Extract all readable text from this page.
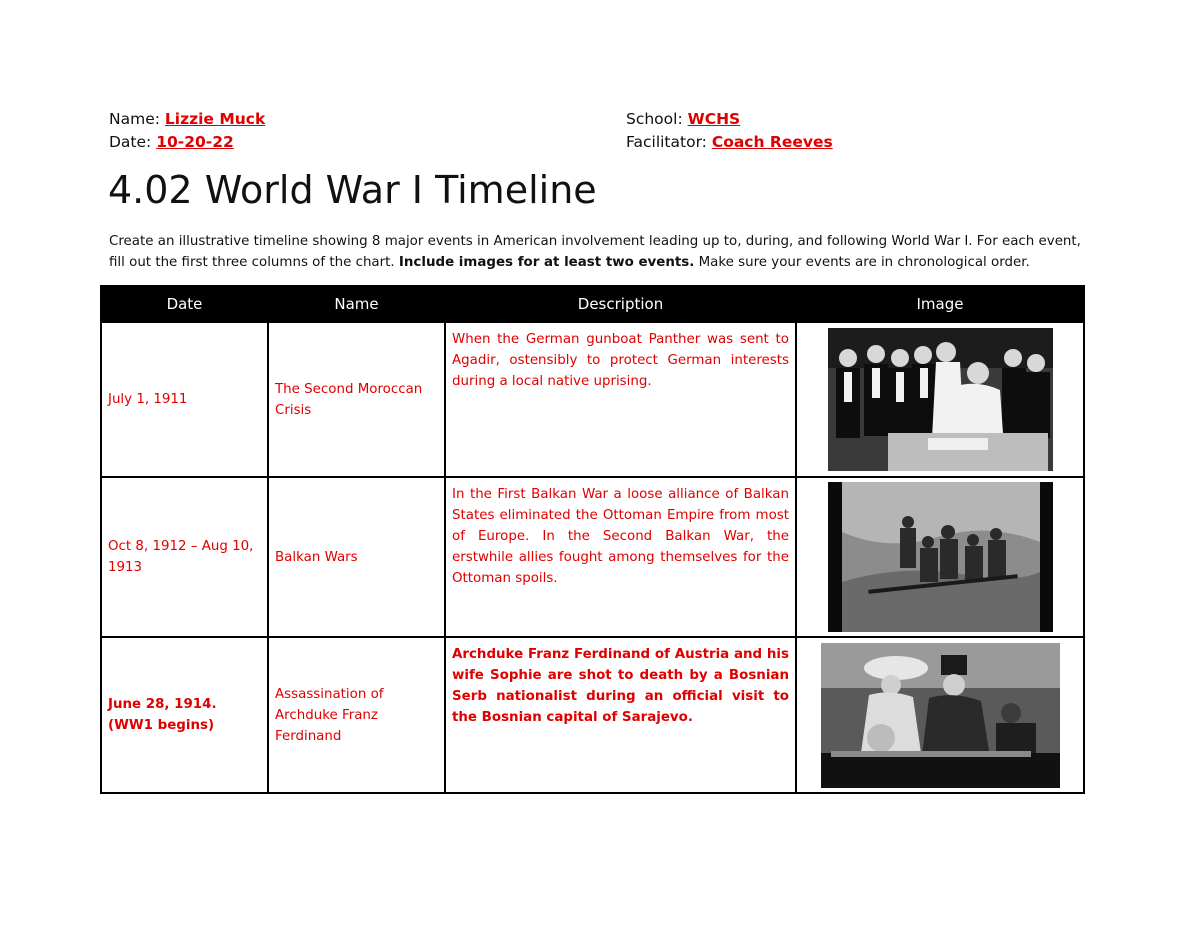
Name: Lizzie Muck
Date: 10-20-22
School: WCHS
Facilitator: Coach Reeves
4.02 World War I Timeline

Create an illustrative timeline showing 8 major events in American involvement leading up to, during, and following World War I. For each event, fill out the first three columns of the chart. Include images for at least two events. Make sure your events are in chronological order.

Date	Name	Description	Image
July 1, 1911	The Second Moroccan Crisis	When the German gunboat Panther was sent to Agadir, ostensibly to protect German interests during a local native uprising.	

Oct 8, 1912 – Aug 10, 1913	Balkan Wars	In the First Balkan War a loose alliance of Balkan States eliminated the Ottoman Empire from most of Europe. In the Second Balkan War, the erstwhile allies fought among themselves for the Ottoman spoils.	

June 28, 1914. (WW1 begins)	Assassination of Archduke Franz Ferdinand	Archduke Franz Ferdinand of Austria and his wife Sophie are shot to death by a Bosnian Serb nationalist during an official visit to the Bosnian capital of Sarajevo.	
